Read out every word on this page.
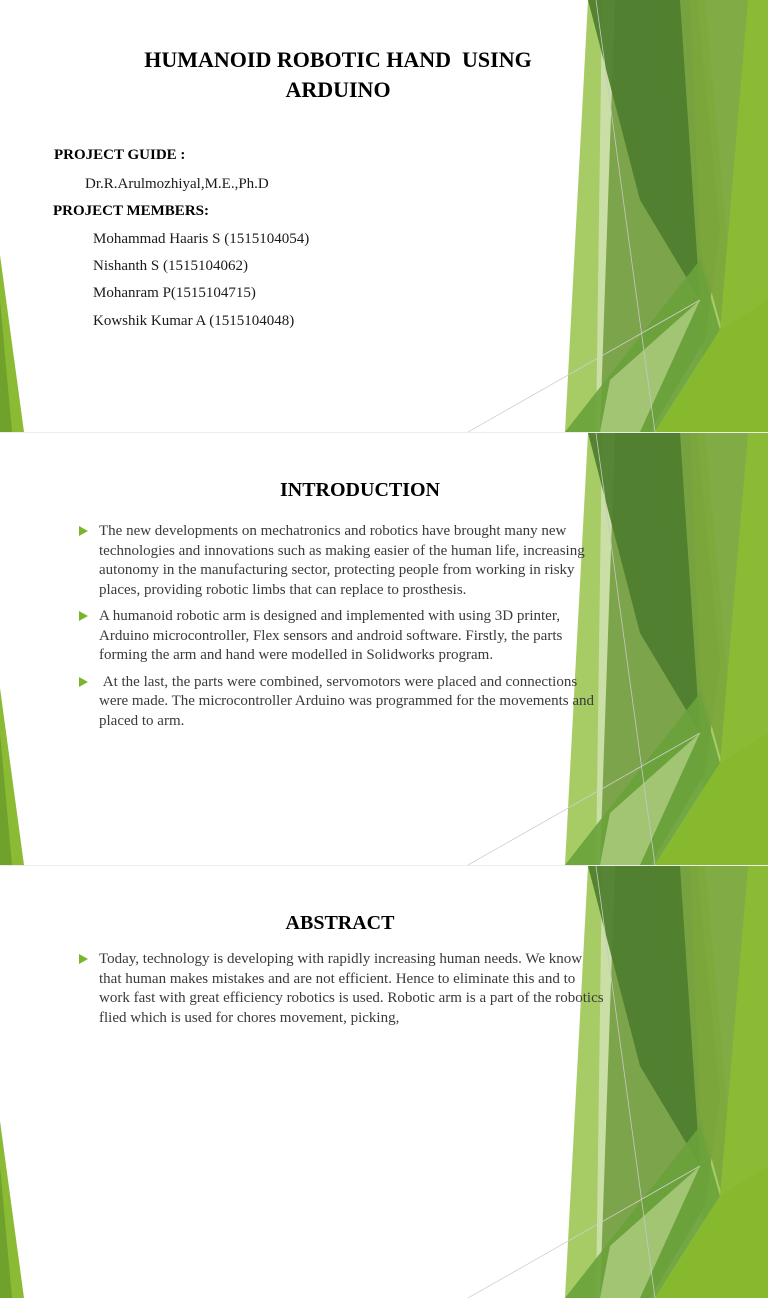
HUMANOID ROBOTIC HAND  USING
ARDUINO
PROJECT GUIDE :
Dr.R.Arulmozhiyal,M.E.,Ph.D
PROJECT MEMBERS:
Mohammad Haaris S (1515104054)
Nishanth S (1515104062)
Mohanram P(1515104715)
Kowshik Kumar A (1515104048)
INTRODUCTION
The new developments on mechatronics and robotics have brought many new technologies and innovations such as making easier of the human life, increasing autonomy in the manufacturing sector, protecting people from working in risky places, providing robotic limbs that can replace to prosthesis.
A humanoid robotic arm is designed and implemented with using 3D printer, Arduino microcontroller, Flex sensors and android software. Firstly, the parts forming the arm and hand were modelled in Solidworks program.
At the last, the parts were combined, servomotors were placed and connections were made. The microcontroller Arduino was programmed for the movements and placed to arm.
ABSTRACT
Today, technology is developing with rapidly increasing human needs. We know that human makes mistakes and are not efficient. Hence to eliminate this and to work fast with great efficiency robotics is used. Robotic arm is a part of the robotics flied which is used for chores movement, picking,
